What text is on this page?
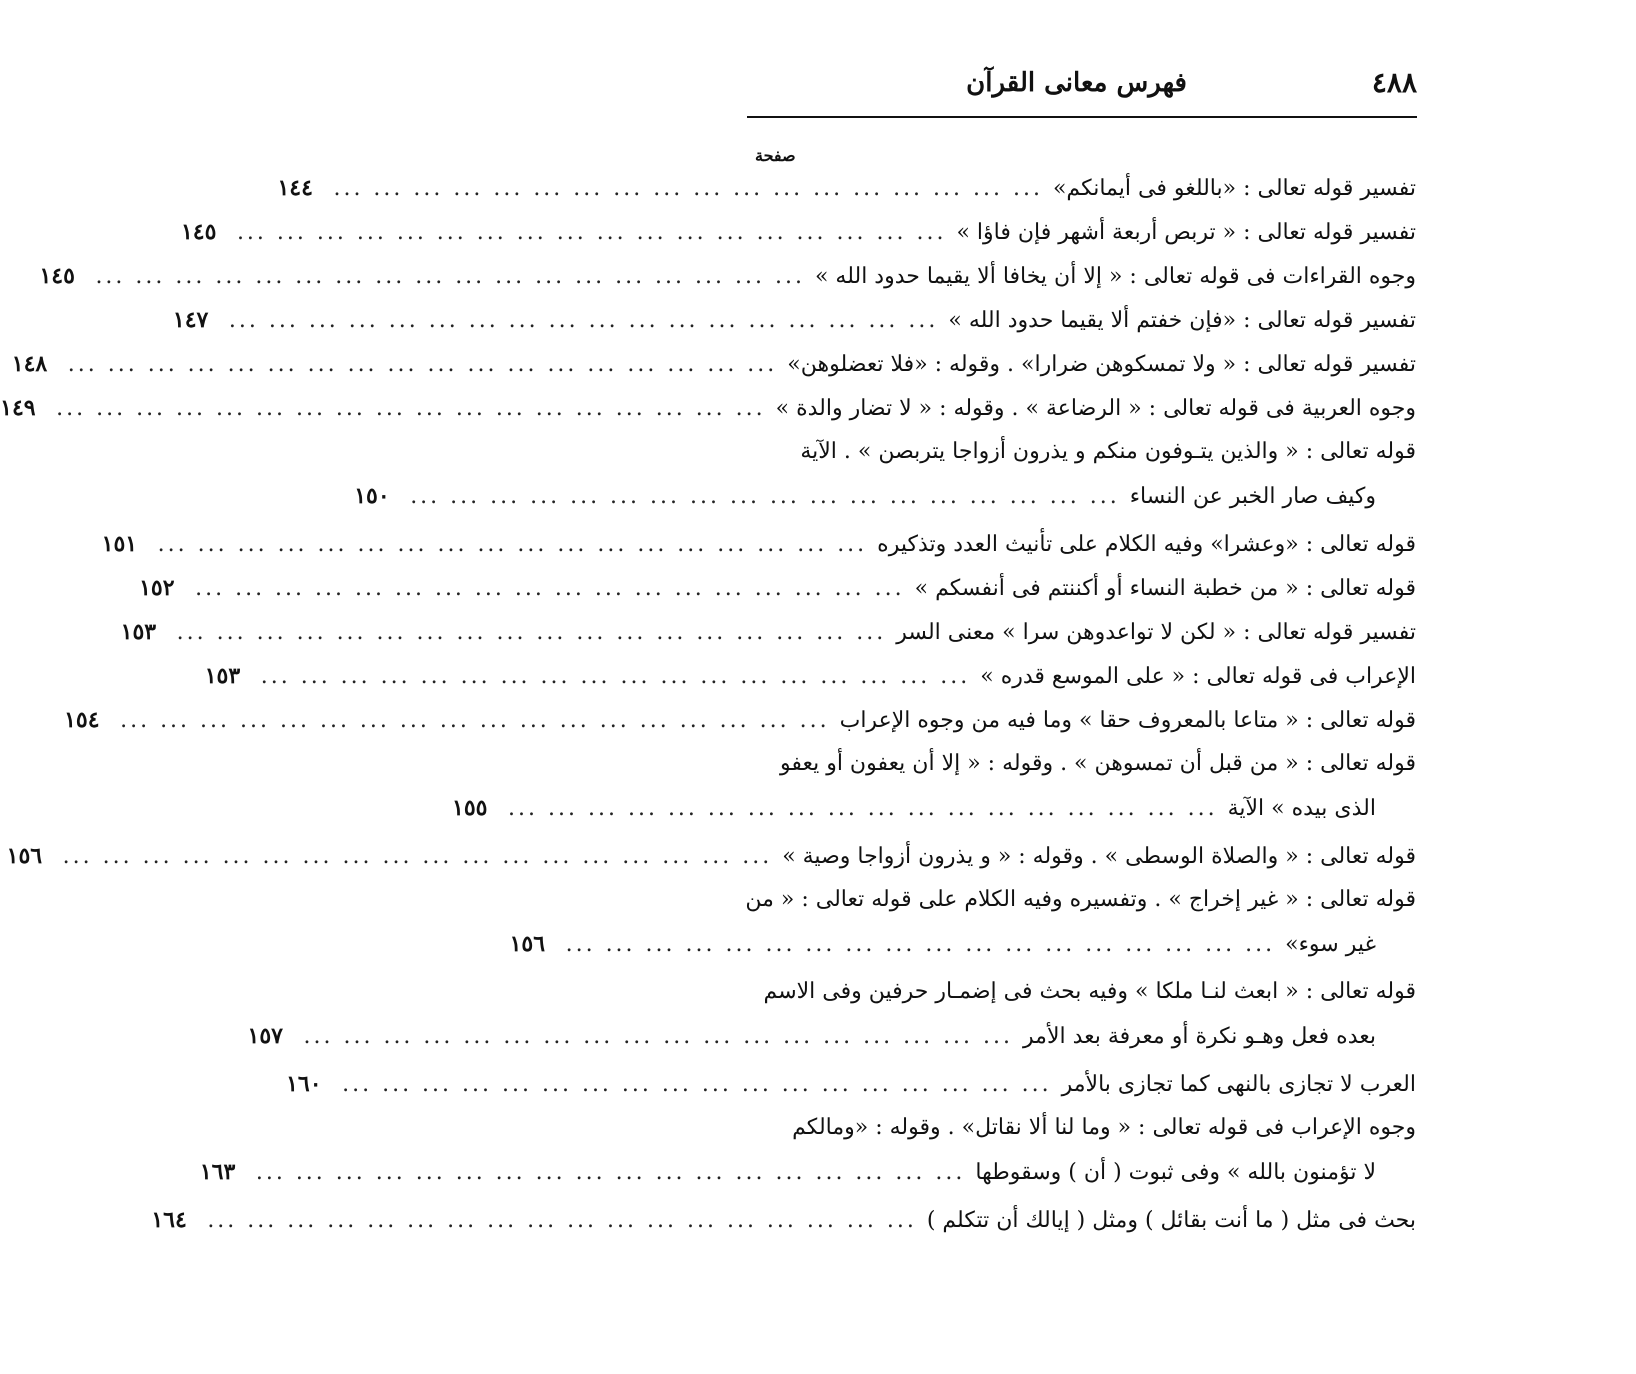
٤٨٨
فهرس معانى القرآن
صفحة
تفسير قوله تعالى : «باللغو فى أيمانكم»
... ... ... ... ... ... ... ... ... ... ... ... ... ... ... ... ... ...
١٤٤
تفسير قوله تعالى : « تربص أربعة أشهر فإن فاؤا »
... ... ... ... ... ... ... ... ... ... ... ... ... ... ... ... ... ...
١٤٥
وجوه القراءات فى قوله تعالى : « إلا أن يخافا ألا يقيما حدود الله »
... ... ... ... ... ... ... ... ... ... ... ... ... ... ... ... ... ...
١٤٥
تفسير قوله تعالى : «فإن خفتم ألا يقيما حدود الله »
... ... ... ... ... ... ... ... ... ... ... ... ... ... ... ... ... ...
١٤٧
تفسير قوله تعالى : « ولا تمسكوهن ضرارا» . وقوله : «فلا تعضلوهن»
... ... ... ... ... ... ... ... ... ... ... ... ... ... ... ... ... ...
١٤٨
وجوه العربية فى قوله تعالى : « الرضاعة » . وقوله : « لا تضار والدة »
... ... ... ... ... ... ... ... ... ... ... ... ... ... ... ... ... ...
١٤٩
قوله تعالى : « والذين يتـوفون منكم و يذرون أزواجا يتربصن » . الآية
وكيف صار الخبر عن النساء
... ... ... ... ... ... ... ... ... ... ... ... ... ... ... ... ... ...
١٥٠
قوله تعالى : «وعشرا» وفيه الكلام على تأنيث العدد وتذكيره
... ... ... ... ... ... ... ... ... ... ... ... ... ... ... ... ... ...
١٥١
قوله تعالى : « من خطبة النساء أو أكننتم فى أنفسكم »
... ... ... ... ... ... ... ... ... ... ... ... ... ... ... ... ... ...
١٥٢
تفسير قوله تعالى : « لكن لا تواعدوهن سرا » معنى السر
... ... ... ... ... ... ... ... ... ... ... ... ... ... ... ... ... ...
١٥٣
الإعراب فى قوله تعالى : « على الموسع قدره »
... ... ... ... ... ... ... ... ... ... ... ... ... ... ... ... ... ...
١٥٣
قوله تعالى : « متاعا بالمعروف حقا » وما فيه من وجوه الإعراب
... ... ... ... ... ... ... ... ... ... ... ... ... ... ... ... ... ...
١٥٤
قوله تعالى : « من قبل أن تمسوهن » . وقوله : « إلا أن يعفون أو يعفو
الذى بيده » الآية
... ... ... ... ... ... ... ... ... ... ... ... ... ... ... ... ... ...
١٥٥
قوله تعالى : « والصلاة الوسطى » . وقوله : « و يذرون أزواجا وصية »
... ... ... ... ... ... ... ... ... ... ... ... ... ... ... ... ... ...
١٥٦
قوله تعالى : « غير إخراج » . وتفسيره وفيه الكلام على قوله تعالى : « من
غير سوء»
... ... ... ... ... ... ... ... ... ... ... ... ... ... ... ... ... ...
١٥٦
قوله تعالى : « ابعث لنـا ملكا » وفيه بحث فى إضمـار حرفين وفى الاسم
بعده فعل وهـو نكرة أو معرفة بعد الأمر
... ... ... ... ... ... ... ... ... ... ... ... ... ... ... ... ... ...
١٥٧
العرب لا تجازى بالنهى كما تجازى بالأمر
... ... ... ... ... ... ... ... ... ... ... ... ... ... ... ... ... ...
١٦٠
وجوه الإعراب فى قوله تعالى : « وما لنا ألا نقاتل» . وقوله : «ومالكم
لا تؤمنون بالله » وفى ثبوت ( أن ) وسقوطها
... ... ... ... ... ... ... ... ... ... ... ... ... ... ... ... ... ...
١٦٣
بحث فى مثل ( ما أنت بقائل ) ومثل ( إيالك أن تتكلم )
... ... ... ... ... ... ... ... ... ... ... ... ... ... ... ... ... ...
١٦٤
